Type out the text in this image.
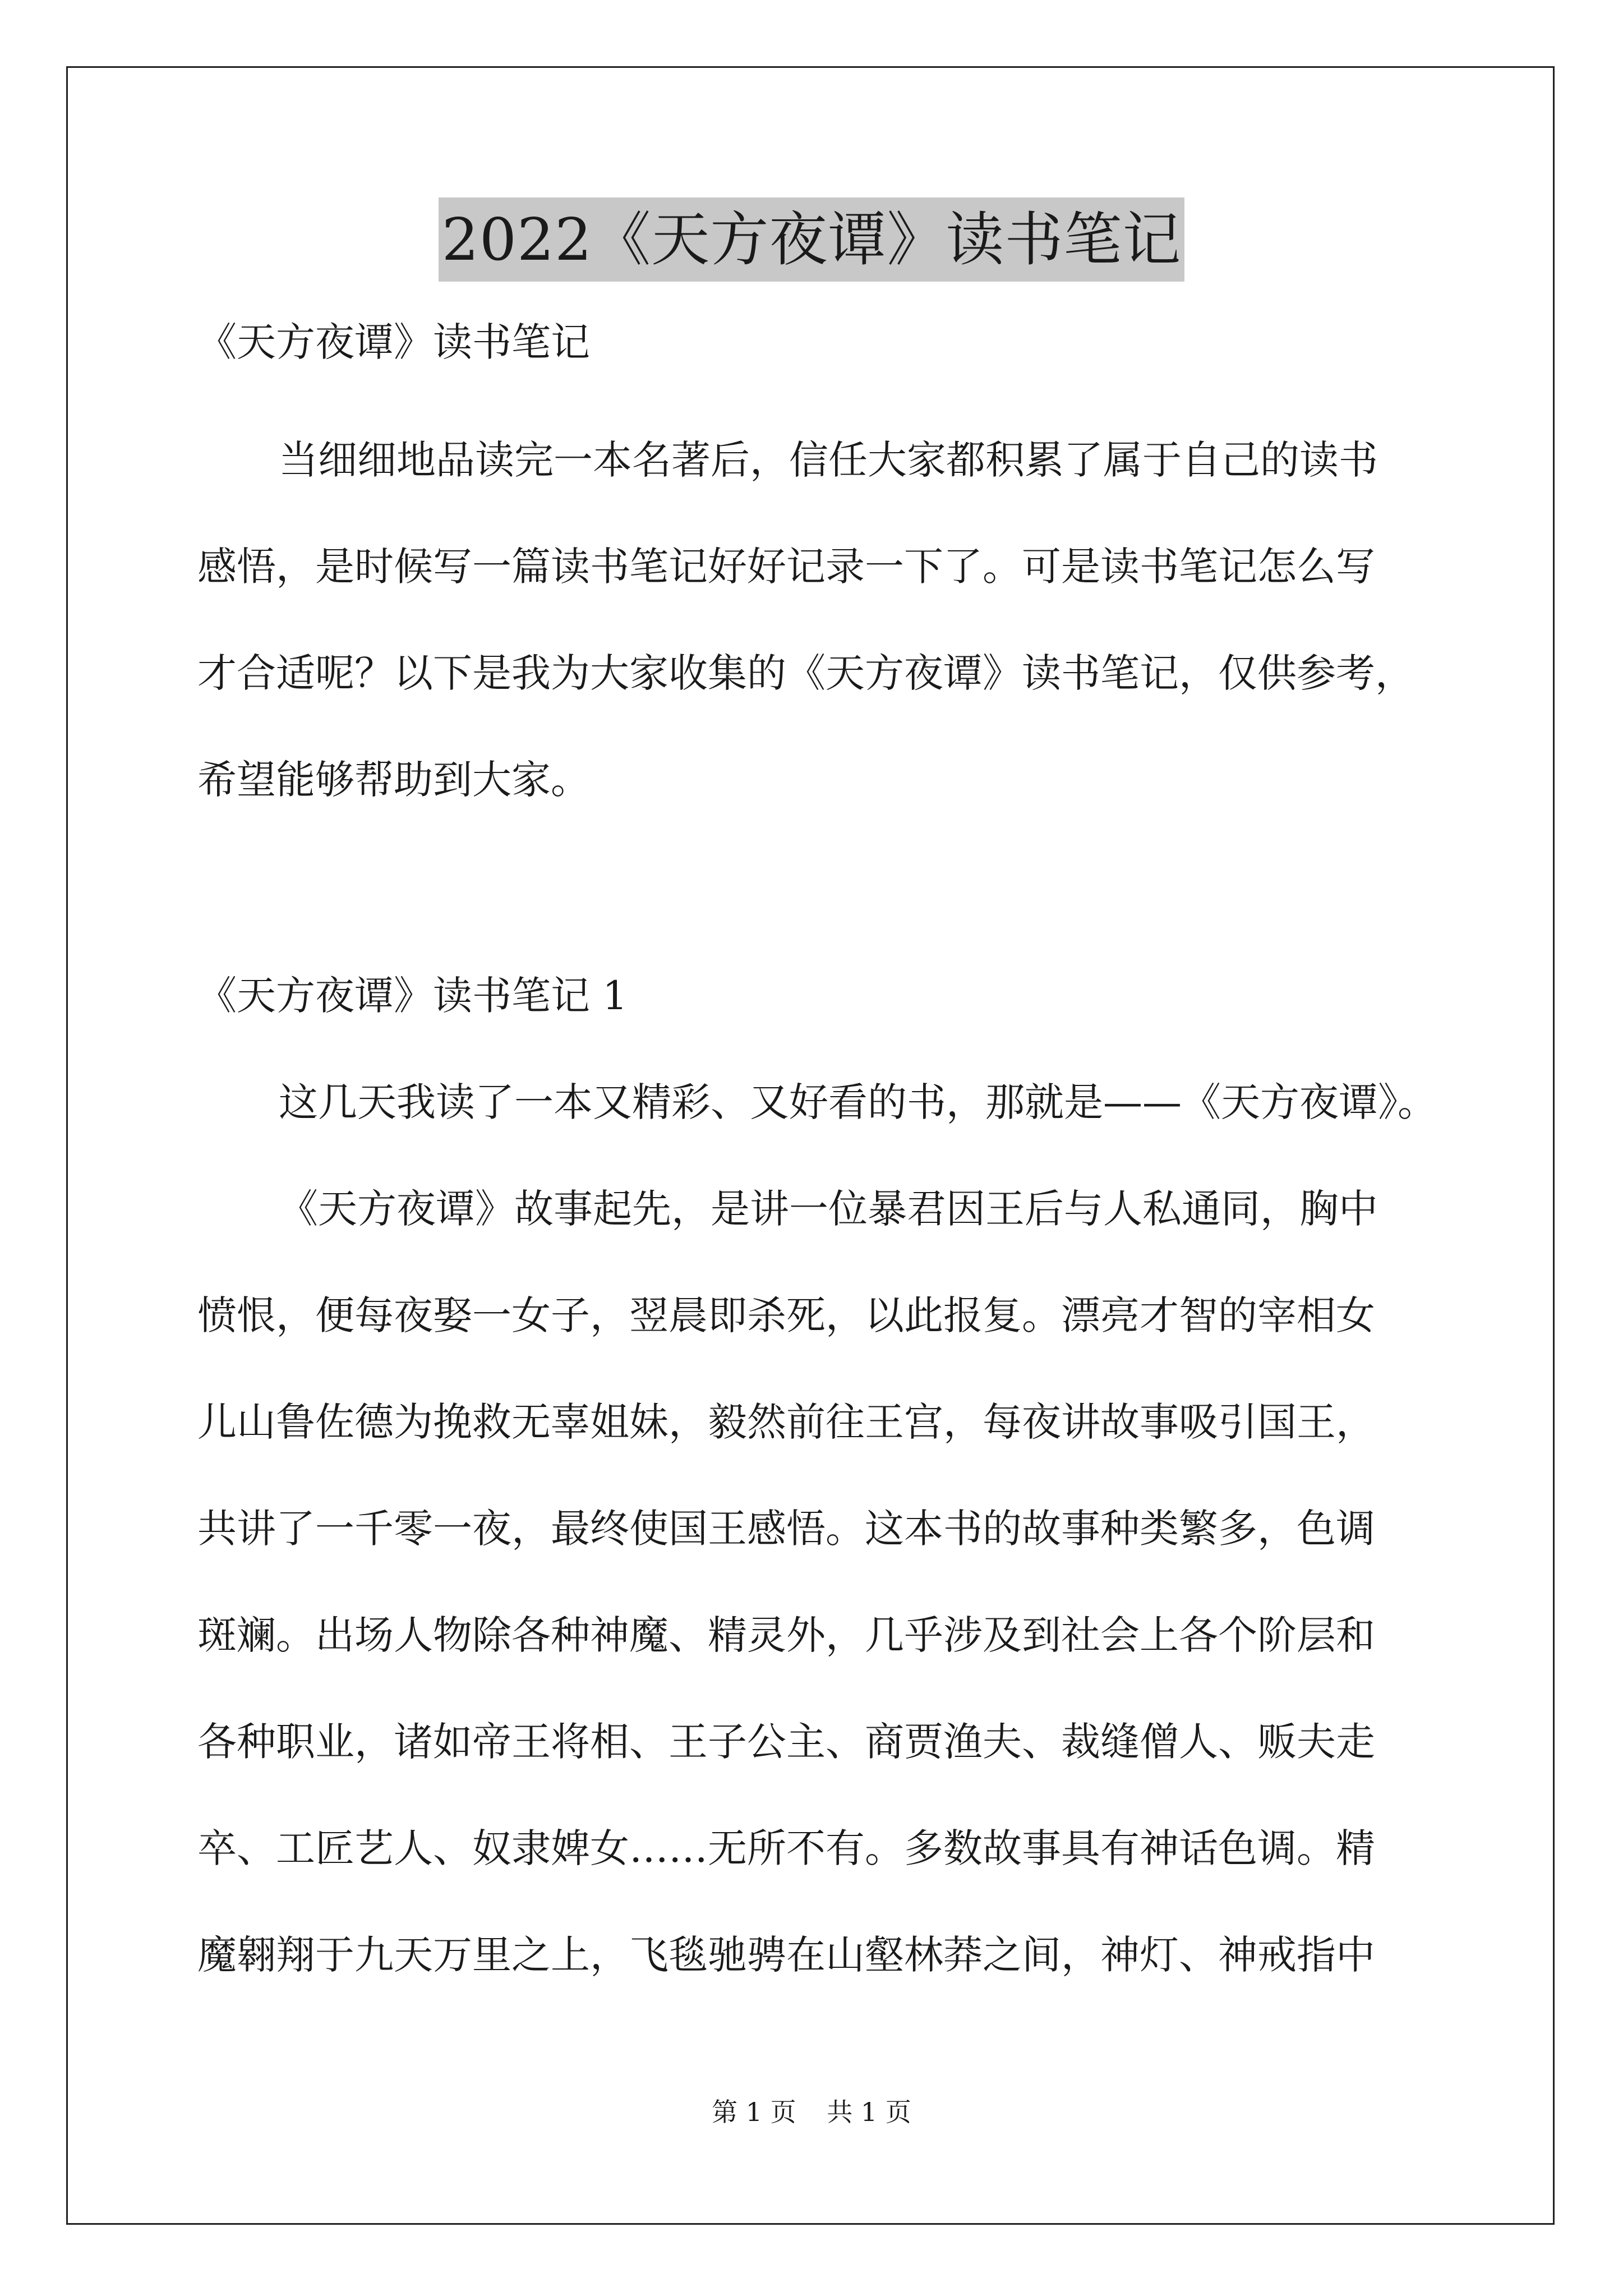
2022《天方夜谭》读书笔记
《天方夜谭》读书笔记
当细细地品读完一本名著后，信任大家都积累了属于自己的读书
感悟，是时候写一篇读书笔记好好记录一下了。可是读书笔记怎么写
才合适呢？以下是我为大家收集的《天方夜谭》读书笔记，仅供参考，
希望能够帮助到大家。
《天方夜谭》读书笔记 1
这几天我读了一本又精彩、又好看的书，那就是——《天方夜谭》。
《天方夜谭》故事起先，是讲一位暴君因王后与人私通同，胸中
愤恨，便每夜娶一女子，翌晨即杀死，以此报复。漂亮才智的宰相女
儿山鲁佐德为挽救无辜姐妹，毅然前往王宫，每夜讲故事吸引国王，
共讲了一千零一夜，最终使国王感悟。这本书的故事种类繁多，色调
斑斓。出场人物除各种神魔、精灵外，几乎涉及到社会上各个阶层和
各种职业，诸如帝王将相、王子公主、商贾渔夫、裁缝僧人、贩夫走
卒、工匠艺人、奴隶婢女……无所不有。多数故事具有神话色调。精
魔翱翔于九天万里之上，飞毯驰骋在山壑林莽之间，神灯、神戒指中
第 1 页 共 1 页
